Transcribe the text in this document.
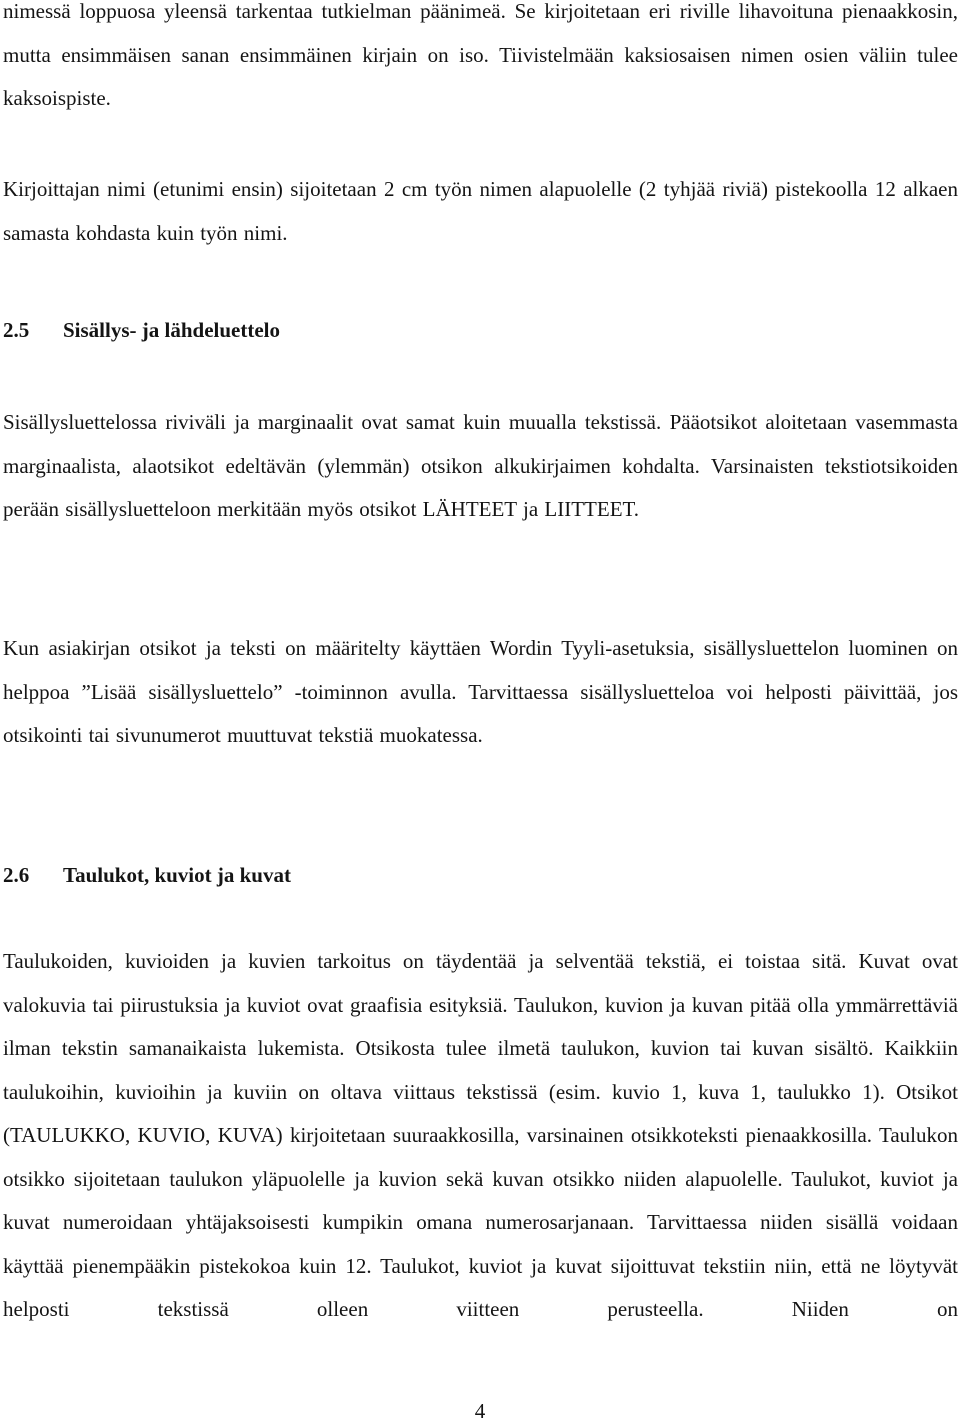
nimessä loppuosa yleensä tarkentaa tutkielman päänimeä. Se kirjoitetaan eri riville lihavoituna pienaakkosin, mutta ensimmäisen sanan ensimmäinen kirjain on iso. Tiivistelmään kaksiosaisen nimen osien väliin tulee kaksoispiste.

Kirjoittajan nimi (etunimi ensin) sijoitetaan 2 cm työn nimen alapuolelle (2 tyhjää riviä) pistekoolla 12 alkaen samasta kohdasta kuin työn nimi.

2.5 Sisällys- ja lähdeluettelo

Sisällysluettelossa riviväli ja marginaalit ovat samat kuin muualla tekstissä. Pääotsikot aloitetaan vasemmasta marginaalista, alaotsikot edeltävän (ylemmän) otsikon alkukirjaimen kohdalta. Varsinaisten tekstiotsikoiden perään sisällysluetteloon merkitään myös otsikot LÄHTEET ja LIITTEET.

Kun asiakirjan otsikot ja teksti on määritelty käyttäen Wordin Tyyli-asetuksia, sisällysluettelon luominen on helppoa ”Lisää sisällysluettelo” -toiminnon avulla. Tarvittaessa sisällysluetteloa voi helposti päivittää, jos otsikointi tai sivunumerot muuttuvat tekstiä muokatessa.

2.6 Taulukot, kuviot ja kuvat

Taulukoiden, kuvioiden ja kuvien tarkoitus on täydentää ja selventää tekstiä, ei toistaa sitä. Kuvat ovat valokuvia tai piirustuksia ja kuviot ovat graafisia esityksiä. Taulukon, kuvion ja kuvan pitää olla ymmärrettäviä ilman tekstin samanaikaista lukemista. Otsikosta tulee ilmetä taulukon, kuvion tai kuvan sisältö. Kaikkiin taulukoihin, kuvioihin ja kuviin on oltava viittaus tekstissä (esim. kuvio 1, kuva 1, taulukko 1). Otsikot (TAULUKKO, KUVIO, KUVA) kirjoitetaan suuraakkosilla, varsinainen otsikkoteksti pienaakkosilla. Taulukon otsikko sijoitetaan taulukon yläpuolelle ja kuvion sekä kuvan otsikko niiden alapuolelle. Taulukot, kuviot ja kuvat numeroidaan yhtäjaksoisesti kumpikin omana numerosarjanaan. Tarvittaessa niiden sisällä voidaan käyttää pienempääkin pistekokoa kuin 12. Taulukot, kuviot ja kuvat sijoittuvat tekstiin niin, että ne löytyvät helposti tekstissä olleen viitteen perusteella. Niiden on

4
